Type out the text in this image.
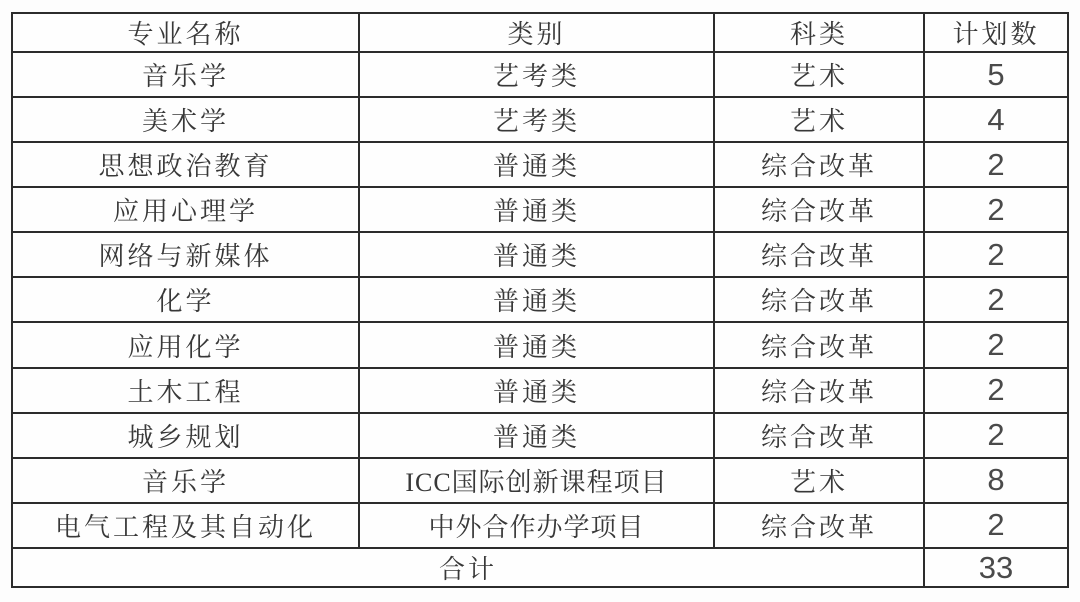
专业名称	类别	科类	计划数
音乐学	艺考类	艺术	5
美术学	艺考类	艺术	4
思想政治教育	普通类	综合改革	2
应用心理学	普通类	综合改革	2
网络与新媒体	普通类	综合改革	2
化学	普通类	综合改革	2
应用化学	普通类	综合改革	2
土木工程	普通类	综合改革	2
城乡规划	普通类	综合改革	2
音乐学	ICC国际创新课程项目	艺术	8
电气工程及其自动化	中外合作办学项目	综合改革	2
合计			33
